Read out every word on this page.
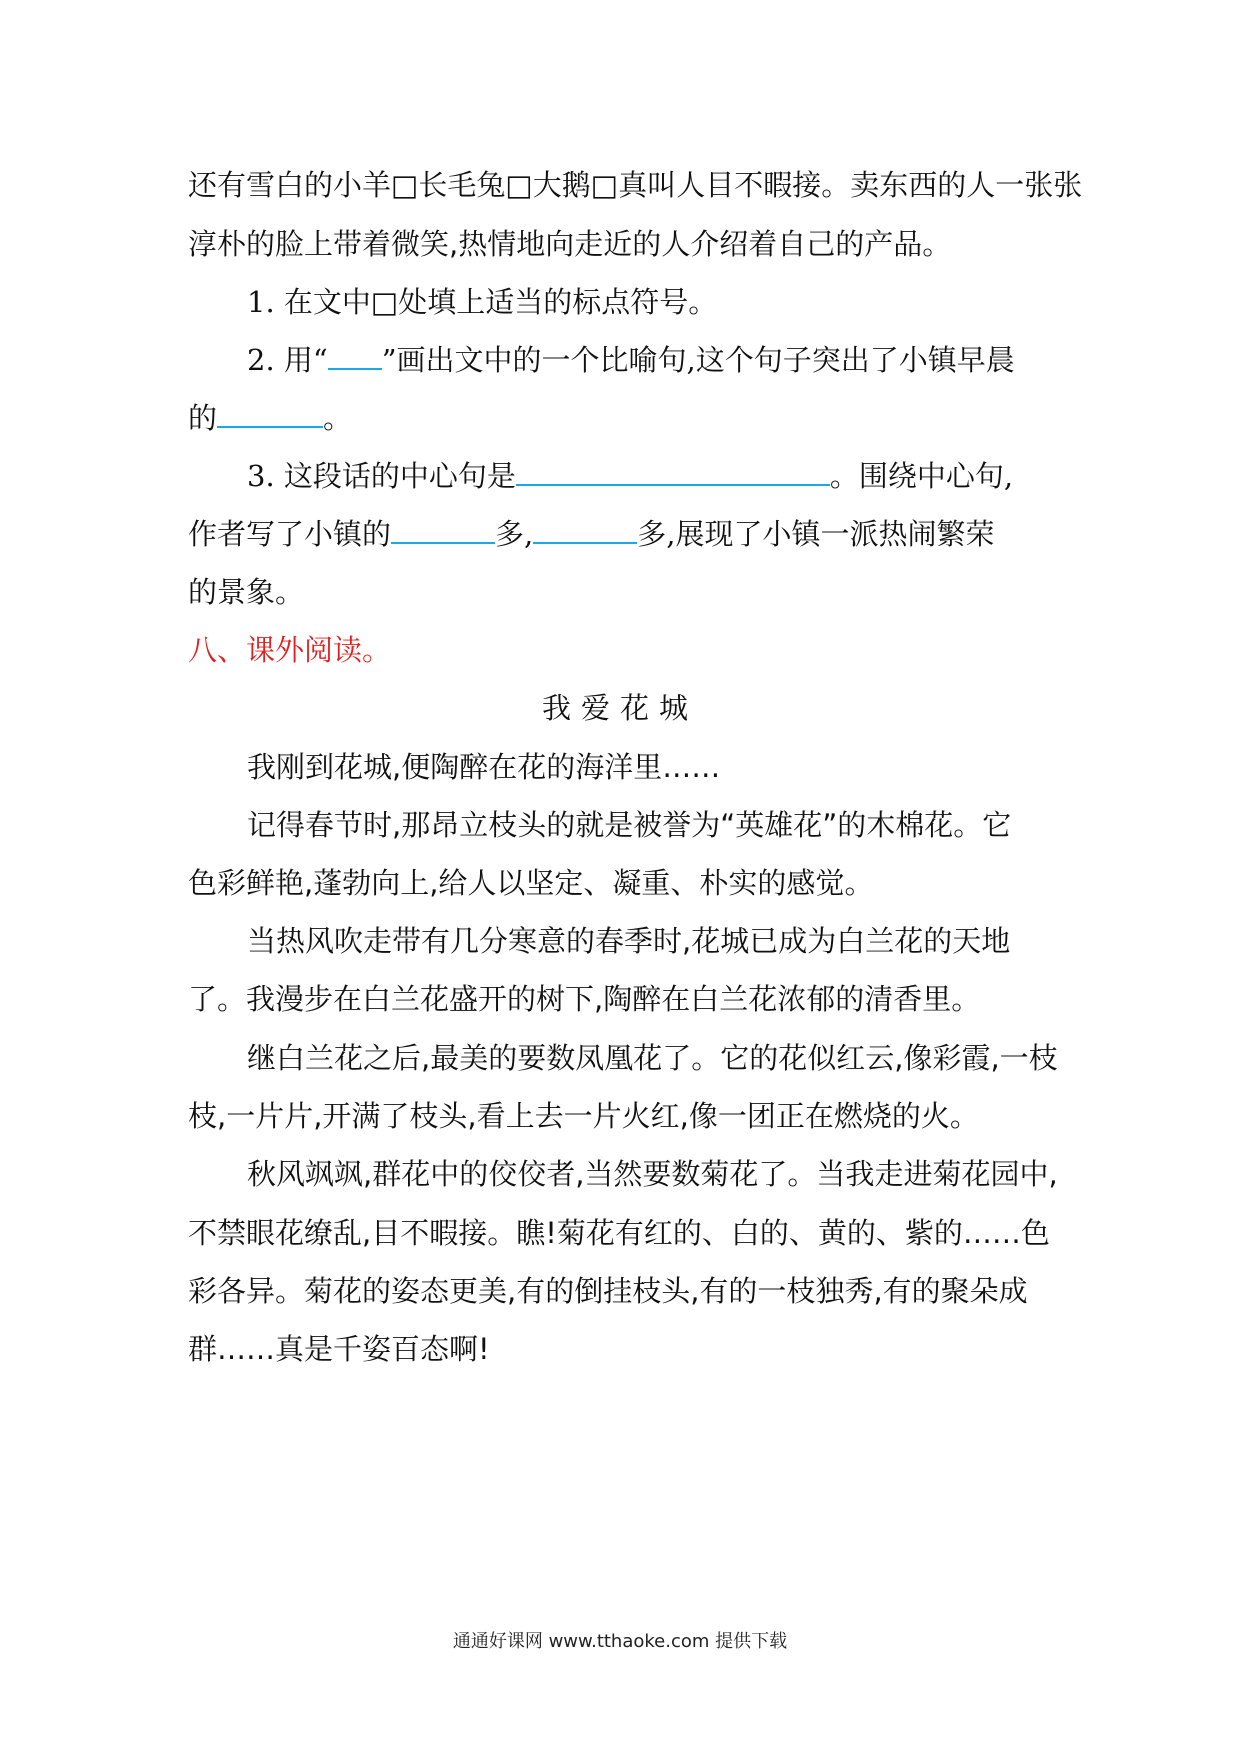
还有雪白的小羊□长毛兔□大鹅□真叫人目不暇接。卖东西的人一张张
淳朴的脸上带着微笑,热情地向走近的人介绍着自己的产品。
1. 在文中□处填上适当的标点符号。
2. 用“ ”画出文中的一个比喻句,这个句子突出了小镇早晨
的	。
3. 这段话的中心句是	。围绕中心句,
作者写了小镇的	多,	多,展现了小镇一派热闹繁荣
的景象。
八、课外阅读。
我爱花城
我刚到花城,便陶醉在花的海洋里……
记得春节时,那昂立枝头的就是被誉为“英雄花”的木棉花。它
色彩鲜艳,蓬勃向上,给人以坚定、凝重、朴实的感觉。
当热风吹走带有几分寒意的春季时,花城已成为白兰花的天地
了。我漫步在白兰花盛开的树下,陶醉在白兰花浓郁的清香里。
继白兰花之后,最美的要数凤凰花了。它的花似红云,像彩霞,一枝
枝,一片片,开满了枝头,看上去一片火红,像一团正在燃烧的火。
秋风飒飒,群花中的佼佼者,当然要数菊花了。当我走进菊花园中,
不禁眼花缭乱,目不暇接。瞧!菊花有红的、白的、黄的、紫的……色
彩各异。菊花的姿态更美,有的倒挂枝头,有的一枝独秀,有的聚朵成
群……真是千姿百态啊!
通通好课网 www.tthaoke.com 提供下载
